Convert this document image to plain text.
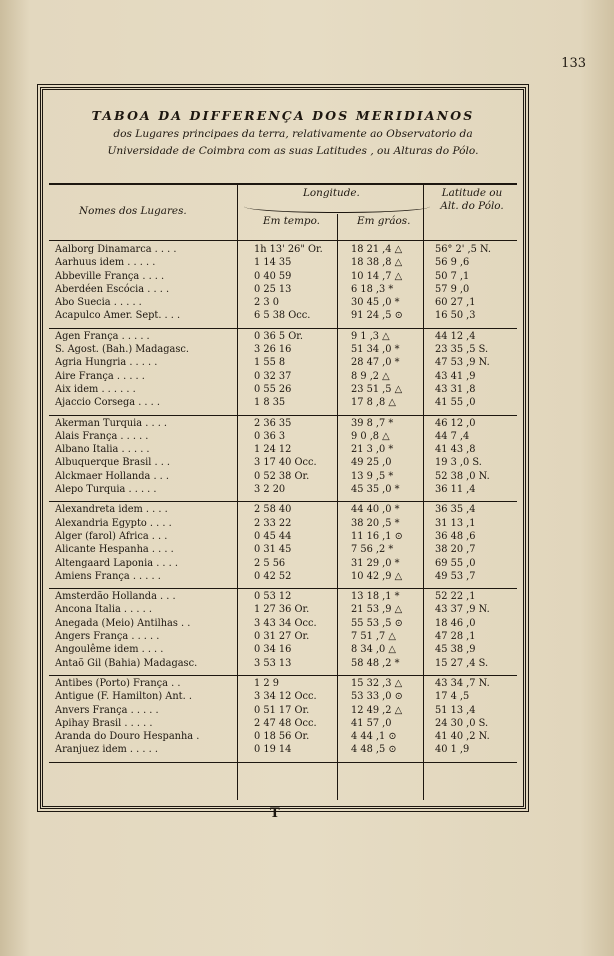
133
TABOA DA DIFFERENÇA DOS MERIDIANOS
dos Lugares principaes da terra, relativamente ao Observatorio da Universidade de Coimbra com as suas Latitudes , ou Alturas do Pólo.
Nomes dos Lugares.
Longitude.
Em tempo.	Em gráos.
Latitude ou Alt. do Pólo.
Aalborg Dinamarca . . . .	1h 13' 26" Or.	18 21 ,4 △	56° 2' ,5 N.
Aarhuus idem . . . . .	1 14 35	18 38 ,8 △	56 9 ,6
Abbeville França . . . .	0 40 59	10 14 ,7 △	50 7 ,1
Aberdéen Escócia . . . .	0 25 13	6 18 ,3 *	57 9 ,0
Abo Suecia . . . . .	2 3 0	30 45 ,0 *	60 27 ,1
Acapulco Amer. Sept. . . .	6 5 38 Occ.	91 24 ,5 ⊙	16 50 ,3
Agen França . . . . .	0 36 5 Or.	9 1 ,3 △	44 12 ,4
S. Agost. (Bah.) Madagasc.	3 26 16	51 34 ,0 *	23 35 ,5 S.
Agria Hungria . . . . .	1 55 8	28 47 ,0 *	47 53 ,9 N.
Aire França . . . . .	0 32 37	8 9 ,2 △	43 41 ,9
Aix idem . . . . . .	0 55 26	23 51 ,5 △	43 31 ,8
Ajaccio Corsega . . . .	1 8 35	17 8 ,8 △	41 55 ,0
Akerman Turquia . . . .	2 36 35	39 8 ,7 *	46 12 ,0
Alais França . . . . .	0 36 3	9 0 ,8 △	44 7 ,4
Albano Italia . . . . .	1 24 12	21 3 ,0 *	41 43 ,8
Albuquerque Brasil . . .	3 17 40 Occ.	49 25 ,0	19 3 ,0 S.
Alckmaer Hollanda . . .	0 52 38 Or.	13 9 ,5 *	52 38 ,0 N.
Alepo Turquia . . . . .	3 2 20	45 35 ,0 *	36 11 ,4
Alexandreta idem . . . .	2 58 40	44 40 ,0 *	36 35 ,4
Alexandria Egypto . . . .	2 33 22	38 20 ,5 *	31 13 ,1
Alger (farol) Africa . . .	0 45 44	11 16 ,1 ⊙	36 48 ,6
Alicante Hespanha . . . .	0 31 45	7 56 ,2 *	38 20 ,7
Altengaard Laponia . . . .	2 5 56	31 29 ,0 *	69 55 ,0
Amiens França . . . . .	0 42 52	10 42 ,9 △	49 53 ,7
Amsterdão Hollanda . . .	0 53 12	13 18 ,1 *	52 22 ,1
Ancona Italia . . . . .	1 27 36 Or.	21 53 ,9 △	43 37 ,9 N.
Anegada (Meio) Antilhas . .	3 43 34 Occ.	55 53 ,5 ⊙	18 46 ,0
Angers França . . . . .	0 31 27 Or.	7 51 ,7 △	47 28 ,1
Angoulême idem . . . .	0 34 16	8 34 ,0 △	45 38 ,9
Antaõ Gil (Bahia) Madagasc.	3 53 13	58 48 ,2 *	15 27 ,4 S.
Antibes (Porto) França . .	1 2 9	15 32 ,3 △	43 34 ,7 N.
Antigue (F. Hamilton) Ant. .	3 34 12 Occ.	53 33 ,0 ⊙	17 4 ,5
Anvers França . . . . .	0 51 17 Or.	12 49 ,2 △	51 13 ,4
Apihay Brasil . . . . .	2 47 48 Occ.	41 57 ,0	24 30 ,0 S.
Aranda do Douro Hespanha .	0 18 56 Or.	4 44 ,1 ⊙	41 40 ,2 N.
Aranjuez idem . . . . .	0 19 14	4 48 ,5 ⊙	40 1 ,9
T
